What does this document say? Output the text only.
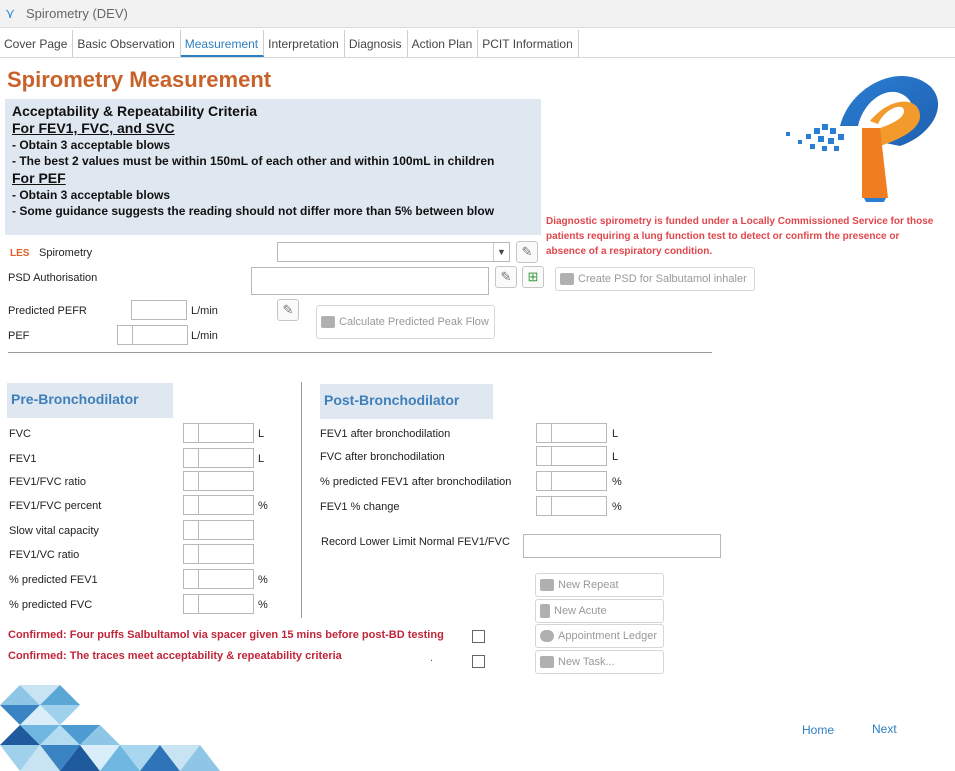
⋎ Spirometry (DEV)
Cover Page Basic Observation Measurement Interpretation Diagnosis Action Plan PCIT Information
Spirometry Measurement
Acceptability & Repeatability Criteria
For FEV1, FVC, and SVC
- Obtain 3 acceptable blows
- The best 2 values must be within 150mL of each other and within 100mL in children
For PEF
- Obtain 3 acceptable blows
- Some guidance suggests the reading should not differ more than 5% between blow
Diagnostic spirometry is funded under a Locally Commissioned Service for those patients requiring a lung function test to detect or confirm the presence or absence of a respiratory condition.
LES Spirometry	▼	✎
PSD Authorisation	✎	⊞	Create PSD for Salbutamol inhaler
Predicted PEFR	L/min	✎
Calculate Predicted Peak Flow
PEF	L/min
Pre-Bronchodilator
FVC	L
FEV1	L
FEV1/FVC ratio
FEV1/FVC percent	%
Slow vital capacity
FEV1/VC ratio
% predicted FEV1	%
% predicted FVC	%
Post-Bronchodilator
FEV1 after bronchodilation	L
FVC after bronchodilation	L
% predicted FEV1 after bronchodilation	%
FEV1 % change	%
Record Lower Limit Normal FEV1/FVC
Confirmed: Four puffs Salbultamol via spacer given 15 mins before post-BD testing
Confirmed: The traces meet acceptability & repeatability criteria	.
New Repeat
New Acute
Appointment Ledger
New Task...
Home	Next
